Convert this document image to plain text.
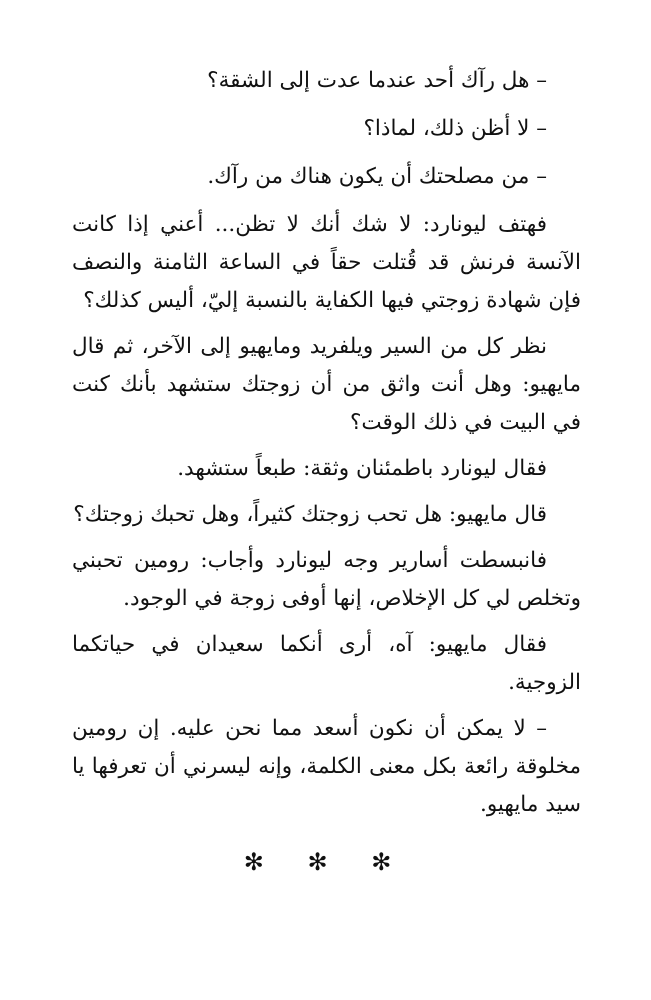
– هل رآك أحد عندما عدت إلى الشقة؟

– لا أظن ذلك، لماذا؟

– من مصلحتك أن يكون هناك من رآك.

فهتف ليونارد: لا شك أنك لا تظن... أعني إذا كانت الآنسة فرنش قد قُتلت حقاً في الساعة الثامنة والنصف فإن شهادة زوجتي فيها الكفاية بالنسبة إليّ، أليس كذلك؟

نظر كل من السير ويلفريد ومايهيو إلى الآخر، ثم قال مايهيو: وهل أنت واثق من أن زوجتك ستشهد بأنك كنت في البيت في ذلك الوقت؟

فقال ليونارد باطمئنان وثقة: طبعاً ستشهد.

قال مايهيو: هل تحب زوجتك كثيراً، وهل تحبك زوجتك؟

فانبسطت أسارير وجه ليونارد وأجاب: رومين تحبني وتخلص لي كل الإخلاص، إنها أوفى زوجة في الوجود.

فقال مايهيو: آه، أرى أنكما سعيدان في حياتكما الزوجية.

– لا يمكن أن نكون أسعد مما نحن عليه. إن رومين مخلوقة رائعة بكل معنى الكلمة، وإنه ليسرني أن تعرفها يا سيد مايهيو.

✻ ✻ ✻
